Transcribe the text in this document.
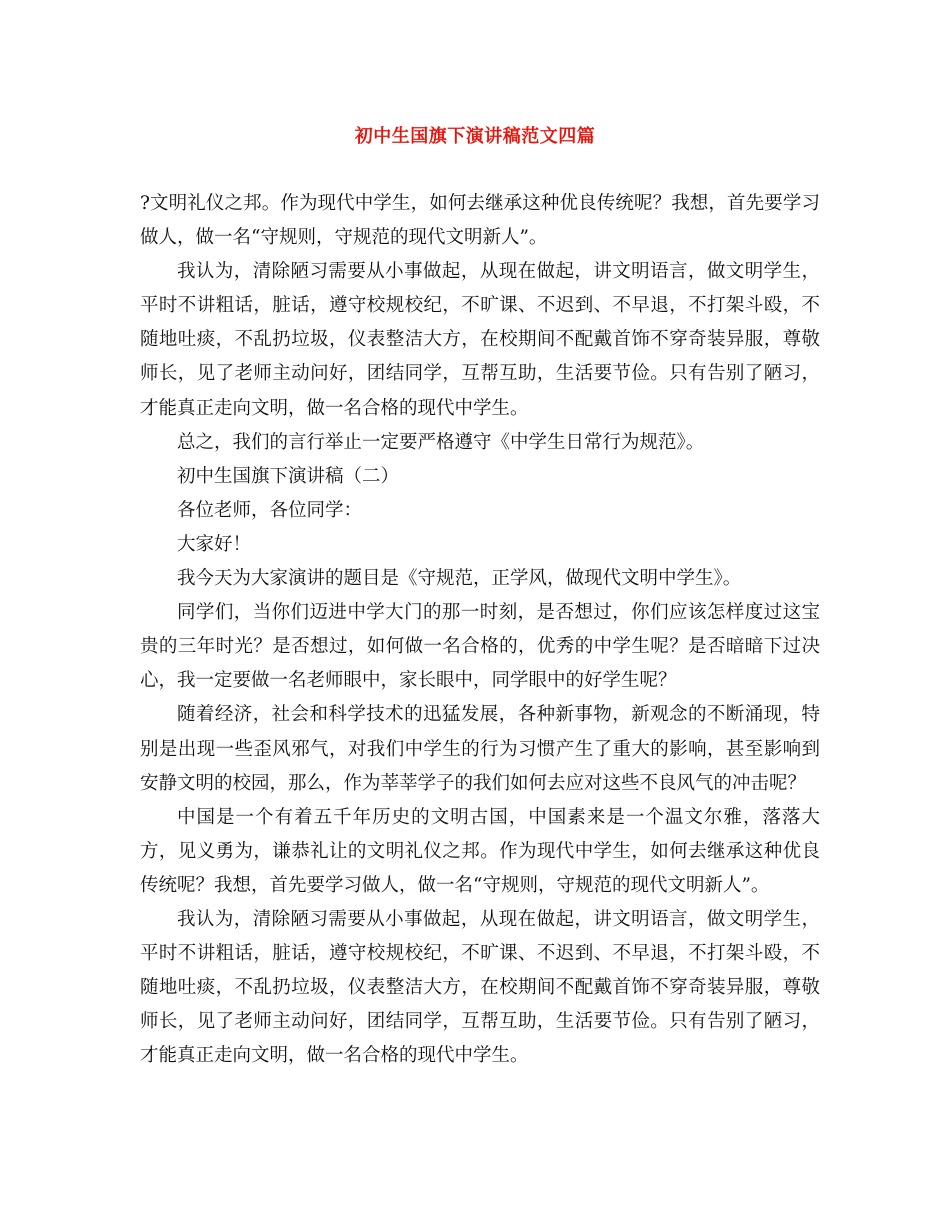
初中生国旗下演讲稿范文四篇

?文明礼仪之邦。作为现代中学生，如何去继承这种优良传统呢？我想，首先要学习做人，做一名“守规则，守规范的现代文明新人”。

我认为，清除陋习需要从小事做起，从现在做起，讲文明语言，做文明学生，平时不讲粗话，脏话，遵守校规校纪，不旷课、不迟到、不早退，不打架斗殴，不随地吐痰，不乱扔垃圾，仪表整洁大方，在校期间不配戴首饰不穿奇装异服，尊敬师长，见了老师主动问好，团结同学，互帮互助，生活要节俭。只有告别了陋习，才能真正走向文明，做一名合格的现代中学生。

总之，我们的言行举止一定要严格遵守《中学生日常行为规范》。

初中生国旗下演讲稿（二）

各位老师，各位同学：

大家好！

我今天为大家演讲的题目是《守规范，正学风，做现代文明中学生》。

同学们，当你们迈进中学大门的那一时刻，是否想过，你们应该怎样度过这宝贵的三年时光？是否想过，如何做一名合格的，优秀的中学生呢？是否暗暗下过决心，我一定要做一名老师眼中，家长眼中，同学眼中的好学生呢？

随着经济，社会和科学技术的迅猛发展，各种新事物，新观念的不断涌现，特别是出现一些歪风邪气，对我们中学生的行为习惯产生了重大的影响，甚至影响到安静文明的校园，那么，作为莘莘学子的我们如何去应对这些不良风气的冲击呢？

中国是一个有着五千年历史的文明古国，中国素来是一个温文尔雅，落落大方，见义勇为，谦恭礼让的文明礼仪之邦。作为现代中学生，如何去继承这种优良传统呢？我想，首先要学习做人，做一名“守规则，守规范的现代文明新人”。

我认为，清除陋习需要从小事做起，从现在做起，讲文明语言，做文明学生，平时不讲粗话，脏话，遵守校规校纪，不旷课、不迟到、不早退，不打架斗殴，不随地吐痰，不乱扔垃圾，仪表整洁大方，在校期间不配戴首饰不穿奇装异服，尊敬师长，见了老师主动问好，团结同学，互帮互助，生活要节俭。只有告别了陋习，才能真正走向文明，做一名合格的现代中学生。
